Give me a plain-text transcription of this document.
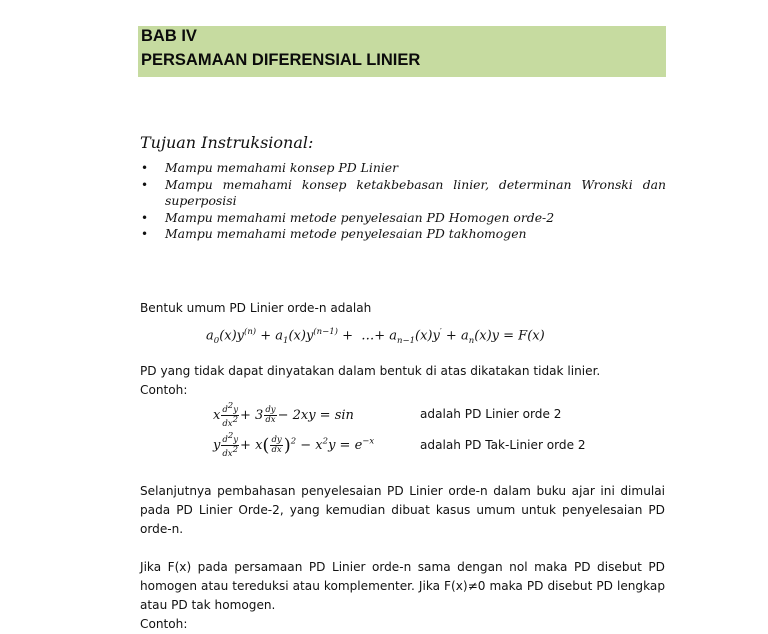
BAB IV
PERSAMAAN DIFERENSIAL LINIER
Tujuan Instruksional:
• Mampu memahami konsep PD Linier
• Mampu memahami konsep ketakbebasan linier, determinan Wronski dan superposisi
• Mampu memahami metode penyelesaian PD Homogen orde-2
• Mampu memahami metode penyelesaian PD takhomogen

Bentuk umum PD Linier orde-n adalah

$a_0(x)y^{(n)} + a_1(x)y^{(n-1)}$ +  …+ $a_{n-1}(x)y' + a_n(x)y = F(x)$

PD yang tidak dapat dinyatakan dalam bentuk di atas dikatakan tidak linier.

Contoh:

x $\frac{d^2y}{dx^2} + 3 \frac{dy}{dx} - 2xy = \sin$	adalah PD Linier orde 2
y $\frac{d^2y}{dx^2} + x( \frac{dy}{dx} )^2 - x^2y = e^{-x}$	adalah PD Tak-Linier orde 2

Selanjutnya pembahasan penyelesaian PD Linier orde-n dalam buku ajar ini dimulai pada PD Linier Orde-2, yang kemudian dibuat kasus umum untuk penyelesaian PD orde-n.

Jika F(x) pada persamaan PD Linier orde-n sama dengan nol maka PD disebut PD homogen atau tereduksi atau komplementer. Jika F(x)≠0 maka PD disebut PD lengkap atau PD tak homogen.

Contoh:
